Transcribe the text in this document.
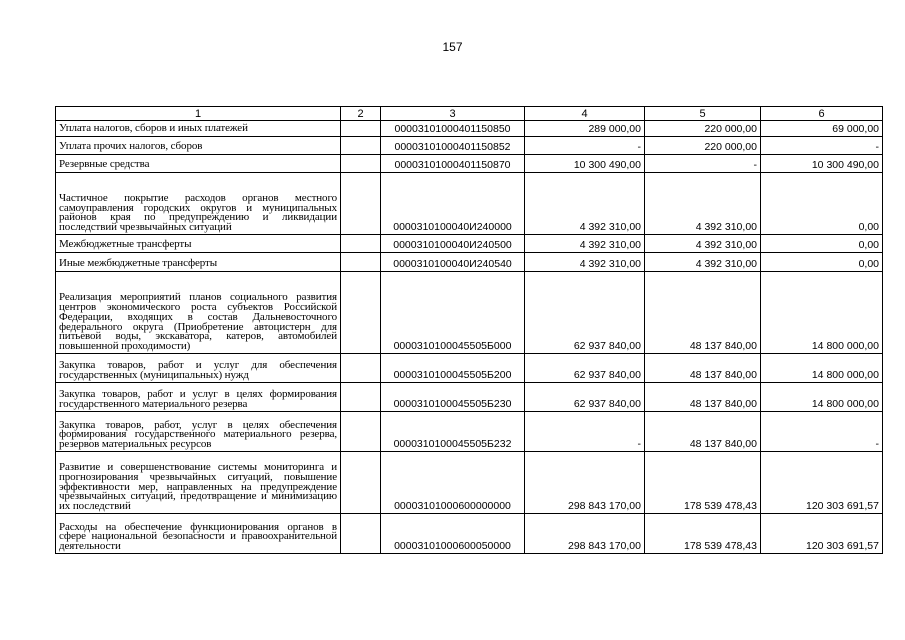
157
1	2	3	4	5	6
Уплата налогов, сборов и иных платежей		00003101000401150850	289 000,00	220 000,00	69 000,00
Уплата прочих налогов, сборов		00003101000401150852	-	220 000,00	-
Резервные средства		00003101000401150870	10 300 490,00	-	10 300 490,00
Частичное покрытие расходов органов местного самоуправления городских округов и муниципальных районов края по предупреждению и ликвидации последствий чрезвычайных ситуаций		0000310100040И240000	4 392 310,00	4 392 310,00	0,00
Межбюджетные трансферты		0000310100040И240500	4 392 310,00	4 392 310,00	0,00
Иные межбюджетные трансферты		0000310100040И240540	4 392 310,00	4 392 310,00	0,00
Реализация мероприятий планов социального развития центров экономического роста субъектов Российской Федерации, входящих в состав Дальневосточного федерального округа (Приобретение автоцистерн для питьевой воды, экскаватора, катеров, автомобилей повышенной проходимости)		0000310100045505Б000	62 937 840,00	48 137 840,00	14 800 000,00
Закупка товаров, работ и услуг для обеспечения государственных (муниципальных) нужд		0000310100045505Б200	62 937 840,00	48 137 840,00	14 800 000,00
Закупка товаров, работ и услуг в целях формирования государственного материального резерва		0000310100045505Б230	62 937 840,00	48 137 840,00	14 800 000,00
Закупка товаров, работ, услуг в целях обеспечения формирования государственного материального резерва, резервов материальных ресурсов		0000310100045505Б232	-	48 137 840,00	-
Развитие и совершенствование системы мониторинга и прогнозирования чрезвычайных ситуаций, повышение эффективности мер, направленных на предупреждение чрезвычайных ситуаций, предотвращение и минимизацию их последствий		00003101000600000000	298 843 170,00	178 539 478,43	120 303 691,57
Расходы на обеспечение функционирования органов в сфере национальной безопасности и правоохранительной деятельности		00003101000600050000	298 843 170,00	178 539 478,43	120 303 691,57
